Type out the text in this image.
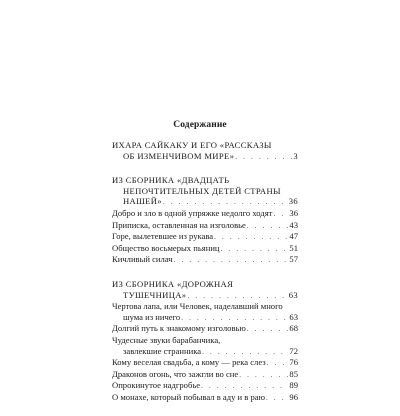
Содержание
ИХАРА САЙКАКУ И ЕГО «РАССКАЗЫ
ОБ ИЗМЕНЧИВОМ МИРЕ» . . .	3
ИЗ СБОРНИКА «ДВАДЦАТЬ
НЕПОЧТИТЕЛЬНЫХ ДЕТЕЙ СТРАНЫ
НАШЕЙ» . . .	36
Добро и зло в одной упряжке недолго ходят . . . 36
Приписка, оставленная на изголовье . . .	43
Горе, вылетевшее из рукава . . .	47
Общество восьмерых пьяниц . . .	51
Кичливый силач . . .	57
ИЗ СБОРНИКА «ДОРОЖНАЯ
ТУШЕЧНИЦА» . . .	63
Чертова лапа, или Человек, наделавший много
шума из ничего . . .	63
Долгий путь к знакомому изголовью . . .	68
Чудесные звуки барабанчика,
завлекшие странника . . .	72
Кому веселая свадьба, а кому — река слез . . .	76
Драконов огонь, что зажгли во сне . . .	85
Опрокинутое надгробье . . .	89
О монахе, который побывал в аду и в раю . . .	96
